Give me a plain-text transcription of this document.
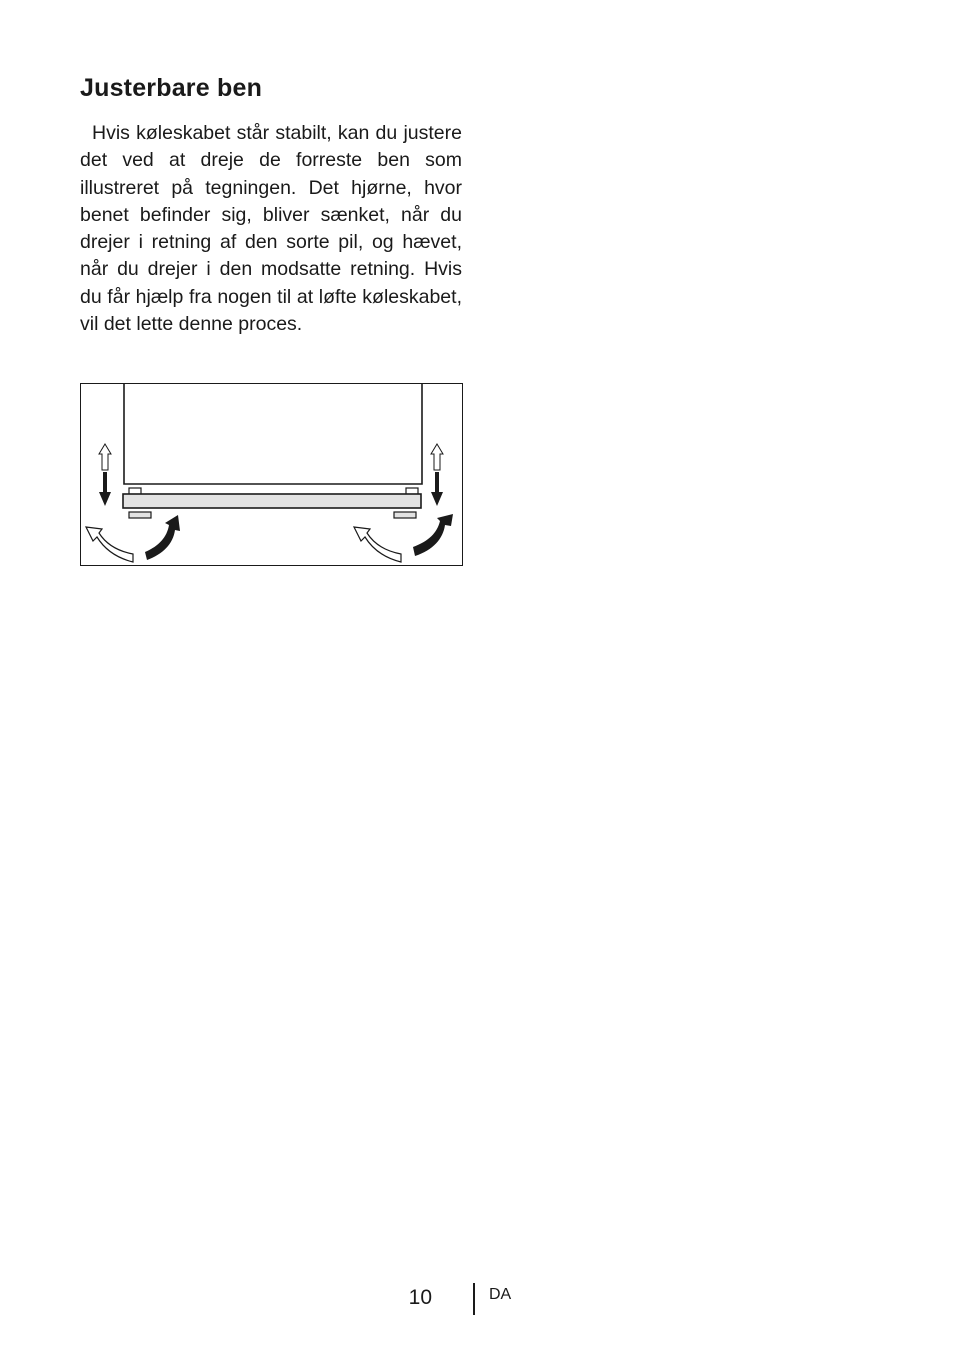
Justerbare ben

Hvis køleskabet står stabilt, kan du justere det ved at dreje de forreste ben som illustreret på tegningen. Det hjørne, hvor benet befinder sig, bliver sænket, når du drejer i retning af den sorte pil, og hævet, når du drejer i den modsatte retning. Hvis du får hjælp fra nogen til at løfte køleskabet, vil det lette denne proces.

10	DA
